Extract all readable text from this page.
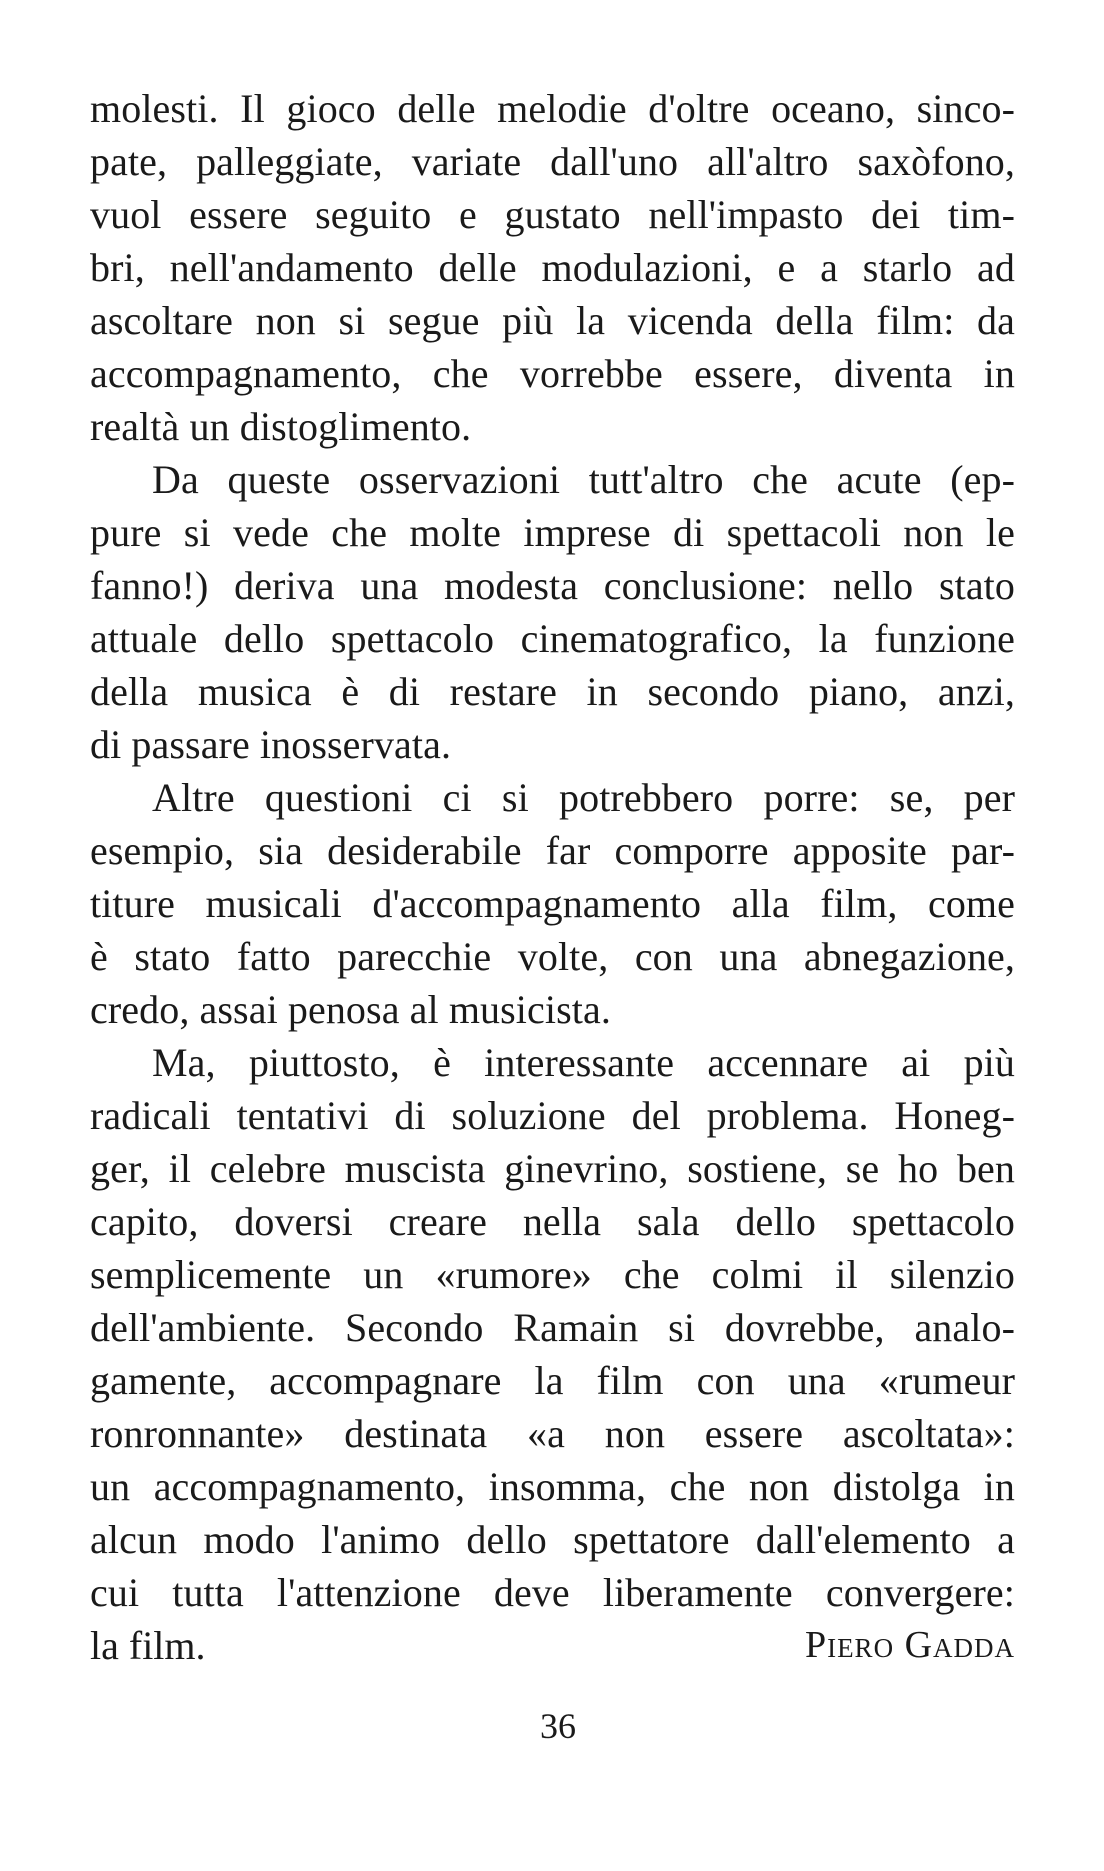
molesti. Il gioco delle melodie d'oltre oceano, sinco-
pate, palleggiate, variate dall'uno all'altro saxòfono,
vuol essere seguito e gustato nell'impasto dei tim-
bri, nell'andamento delle modulazioni, e a starlo ad
ascoltare non si segue più la vicenda della film: da
accompagnamento, che vorrebbe essere, diventa in
realtà un distoglimento.
Da queste osservazioni tutt'altro che acute (ep-
pure si vede che molte imprese di spettacoli non le
fanno!) deriva una modesta conclusione: nello stato
attuale dello spettacolo cinematografico, la funzione
della musica è di restare in secondo piano, anzi,
di passare inosservata.
Altre questioni ci si potrebbero porre: se, per
esempio, sia desiderabile far comporre apposite par-
titure musicali d'accompagnamento alla film, come
è stato fatto parecchie volte, con una abnegazione,
credo, assai penosa al musicista.
Ma, piuttosto, è interessante accennare ai più
radicali tentativi di soluzione del problema. Honeg-
ger, il celebre muscista ginevrino, sostiene, se ho ben
capito, doversi creare nella sala dello spettacolo
semplicemente un «rumore» che colmi il silenzio
dell'ambiente. Secondo Ramain si dovrebbe, analo-
gamente, accompagnare la film con una «rumeur
ronronnante» destinata «a non essere ascoltata»:
un accompagnamento, insomma, che non distolga in
alcun modo l'animo dello spettatore dall'elemento a
cui tutta l'attenzione deve liberamente convergere:
la film.	Piero Gadda
36
